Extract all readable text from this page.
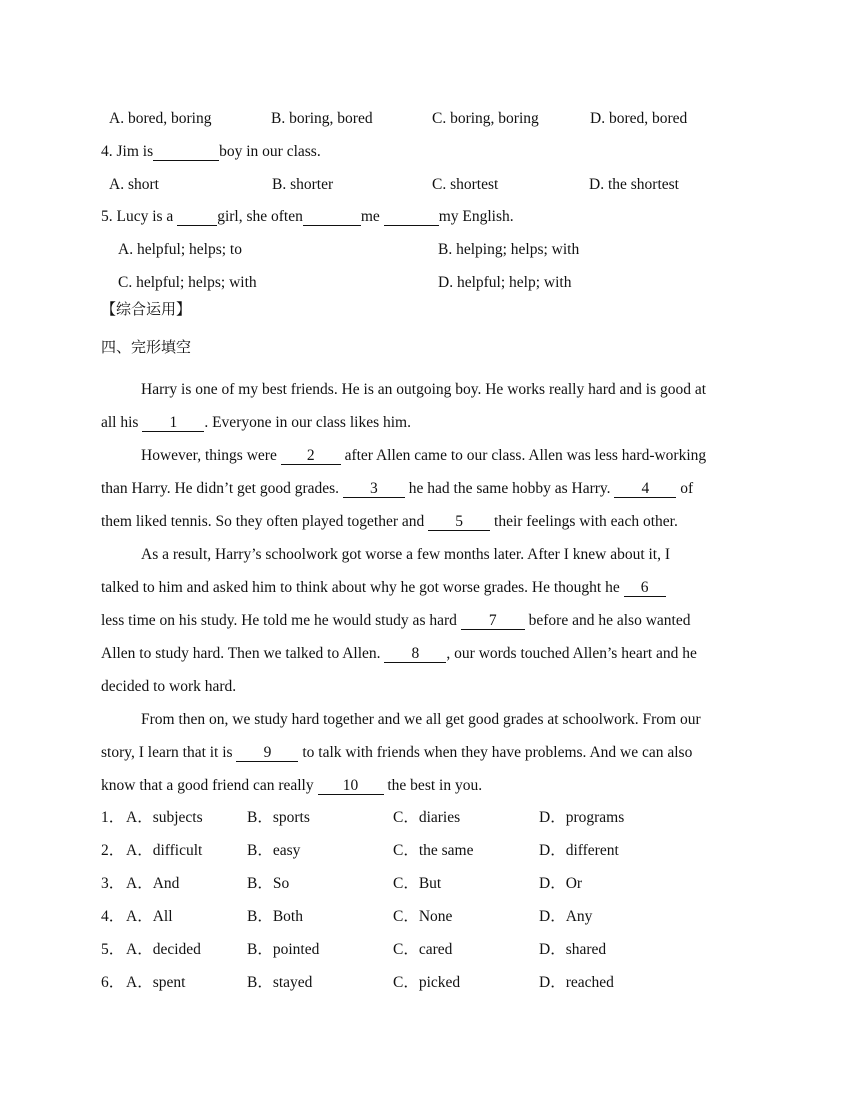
A. bored, boring	B. boring, bored	C. boring, boring	D. bored, bored
4. Jim is	boy in our class.
A. short	B. shorter	C. shortest	D. the shortest
5. Lucy is a	girl, she often	me	my English.
A. helpful; helps; to	B. helping; helps; with
C. helpful; helps; with	D. helpful; help; with
【综合运用】
四、完形填空
Harry is one of my best friends. He is an outgoing boy. He works really hard and is good at
all his 1 . Everyone in our class likes him.
However, things were 2 after Allen came to our class. Allen was less hard-working
than Harry. He didn’t get good grades. 3 he had the same hobby as Harry. 4 of
them liked tennis. So they often played together and 5 their feelings with each other.
As a result, Harry’s schoolwork got worse a few months later. After I knew about it, I
talked to him and asked him to think about why he got worse grades. He thought he 6
less time on his study. He told me he would study as hard 7 before and he also wanted
Allen to study hard. Then we talked to Allen. 8 , our words touched Allen’s heart and he
decided to work hard.
From then on, we study hard together and we all get good grades at schoolwork. From our
story, I learn that it is 9 to talk with friends when they have problems. And we can also
know that a good friend can really 10 the best in you.
1． A．subjects	B．sports	C．diaries	D．programs
2． A．difficult	B．easy	C．the same	D．different
3． A．And	B．So	C．But	D．Or
4． A．All	B．Both	C．None	D．Any
5． A．decided	B．pointed	C．cared	D．shared
6． A．spent	B．stayed	C．picked	D．reached
